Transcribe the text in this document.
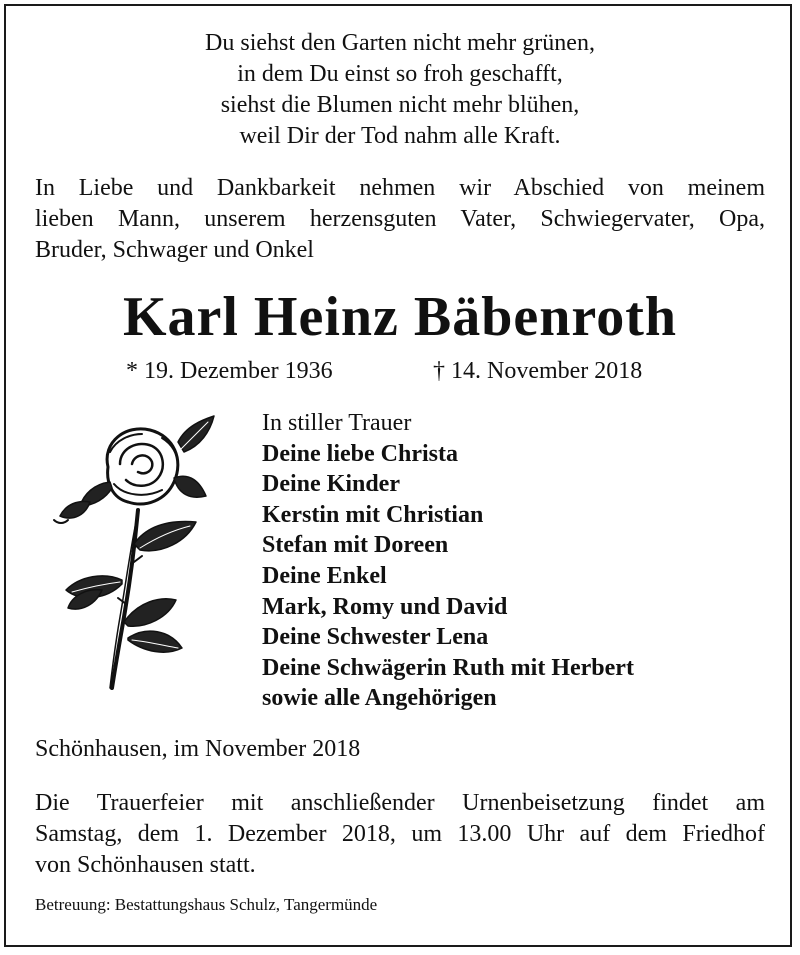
Du siehst den Garten nicht mehr grünen,
in dem Du einst so froh geschafft,
siehst die Blumen nicht mehr blühen,
weil Dir der Tod nahm alle Kraft.
In Liebe und Dankbarkeit nehmen wir Abschied von meinem
lieben Mann, unserem herzensguten Vater, Schwiegervater, Opa,
Bruder, Schwager und Onkel
Karl Heinz Bäbenroth
* 19. Dezember 1936	† 14. November 2018
In stiller Trauer
Deine liebe Christa
Deine Kinder
Kerstin mit Christian
Stefan mit Doreen
Deine Enkel
Mark, Romy und David
Deine Schwester Lena
Deine Schwägerin Ruth mit Herbert
sowie alle Angehörigen
Schönhausen, im November 2018
Die Trauerfeier mit anschließender Urnenbeisetzung findet am
Samstag, dem 1. Dezember 2018, um 13.00 Uhr auf dem Friedhof
von Schönhausen statt.
Betreuung: Bestattungshaus Schulz, Tangermünde
